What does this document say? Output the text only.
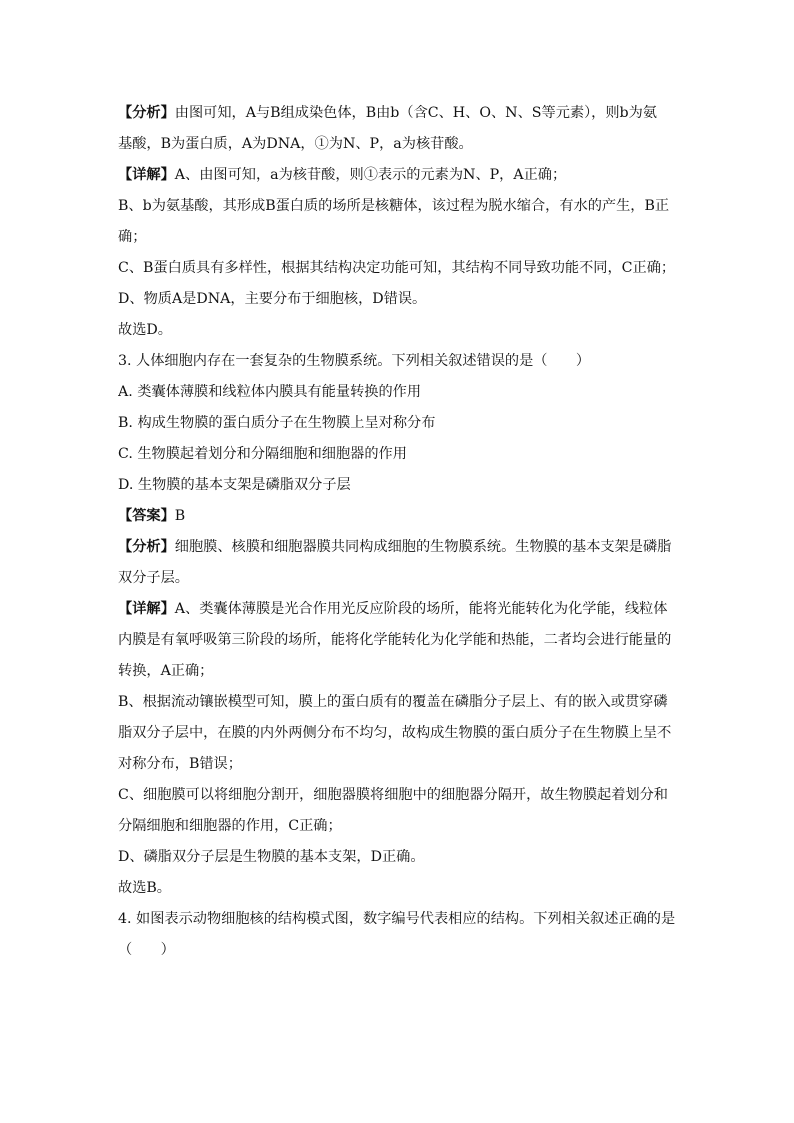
【分析】由图可知，A与B组成染色体，B由b（含C、H、O、N、S等元素），则b为氨
基酸，B为蛋白质，A为DNA，①为N、P，a为核苷酸。
【详解】A、由图可知，a为核苷酸，则①表示的元素为N、P，A正确；
B、b为氨基酸，其形成B蛋白质的场所是核糖体，该过程为脱水缩合，有水的产生，B正
确；
C、B蛋白质具有多样性，根据其结构决定功能可知，其结构不同导致功能不同，C正确；
D、物质A是DNA，主要分布于细胞核，D错误。
故选D。
3. 人体细胞内存在一套复杂的生物膜系统。下列相关叙述错误的是（　　）
A. 类囊体薄膜和线粒体内膜具有能量转换的作用
B. 构成生物膜的蛋白质分子在生物膜上呈对称分布
C. 生物膜起着划分和分隔细胞和细胞器的作用
D. 生物膜的基本支架是磷脂双分子层
【答案】B
【分析】细胞膜、核膜和细胞器膜共同构成细胞的生物膜系统。生物膜的基本支架是磷脂
双分子层。
【详解】A、类囊体薄膜是光合作用光反应阶段的场所，能将光能转化为化学能，线粒体
内膜是有氧呼吸第三阶段的场所，能将化学能转化为化学能和热能，二者均会进行能量的
转换，A正确；
B、根据流动镶嵌模型可知，膜上的蛋白质有的覆盖在磷脂分子层上、有的嵌入或贯穿磷
脂双分子层中，在膜的内外两侧分布不均匀，故构成生物膜的蛋白质分子在生物膜上呈不
对称分布，B错误；
C、细胞膜可以将细胞分割开，细胞器膜将细胞中的细胞器分隔开，故生物膜起着划分和
分隔细胞和细胞器的作用，C正确；
D、磷脂双分子层是生物膜的基本支架，D正确。
故选B。
4. 如图表示动物细胞核的结构模式图，数字编号代表相应的结构。下列相关叙述正确的是
（　　）
